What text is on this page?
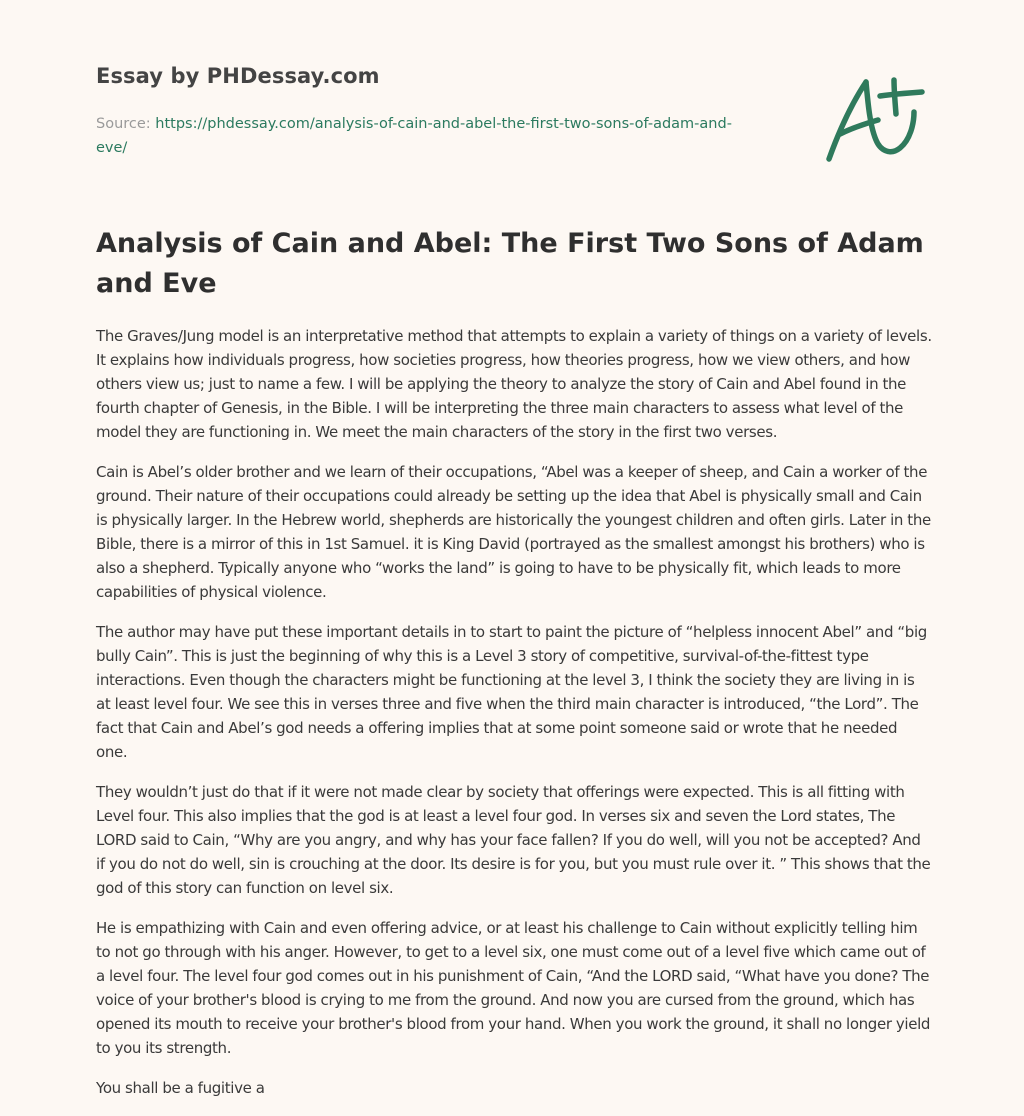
Essay by PHDessay.com
Source: https://phdessay.com/analysis-of-cain-and-abel-the-first-two-sons-of-adam-and-eve/
Analysis of Cain and Abel: The First Two Sons of Adam and Eve

The Graves/Jung model is an interpretative method that attempts to explain a variety of things on a variety of levels. It explains how individuals progress, how societies progress, how theories progress, how we view others, and how others view us; just to name a few. I will be applying the theory to analyze the story of Cain and Abel found in the fourth chapter of Genesis, in the Bible. I will be interpreting the three main characters to assess what level of the model they are functioning in. We meet the main characters of the story in the first two verses.

Cain is Abel’s older brother and we learn of their occupations, “Abel was a keeper of sheep, and Cain a worker of the ground. Their nature of their occupations could already be setting up the idea that Abel is physically small and Cain is physically larger. In the Hebrew world, shepherds are historically the youngest children and often girls. Later in the Bible, there is a mirror of this in 1st Samuel. it is King David (portrayed as the smallest amongst his brothers) who is also a shepherd. Typically anyone who “works the land” is going to have to be physically fit, which leads to more capabilities of physical violence.

The author may have put these important details in to start to paint the picture of “helpless innocent Abel” and “big bully Cain”. This is just the beginning of why this is a Level 3 story of competitive, survival-of-the-fittest type interactions. Even though the characters might be functioning at the level 3, I think the society they are living in is at least level four. We see this in verses three and five when the third main character is introduced, “the Lord”. The fact that Cain and Abel’s god needs a offering implies that at some point someone said or wrote that he needed one.

They wouldn’t just do that if it were not made clear by society that offerings were expected. This is all fitting with Level four. This also implies that the god is at least a level four god. In verses six and seven the Lord states, The LORD said to Cain, “Why are you angry, and why has your face fallen? If you do well, will you not be accepted? And if you do not do well, sin is crouching at the door. Its desire is for you, but you must rule over it. ” This shows that the god of this story can function on level six.

He is empathizing with Cain and even offering advice, or at least his challenge to Cain without explicitly telling him to not go through with his anger. However, to get to a level six, one must come out of a level five which came out of a level four. The level four god comes out in his punishment of Cain, “And the LORD said, “What have you done? The voice of your brother's blood is crying to me from the ground. And now you are cursed from the ground, which has opened its mouth to receive your brother's blood from your hand. When you work the ground, it shall no longer yield to you its strength.

You shall be a fugitive a
